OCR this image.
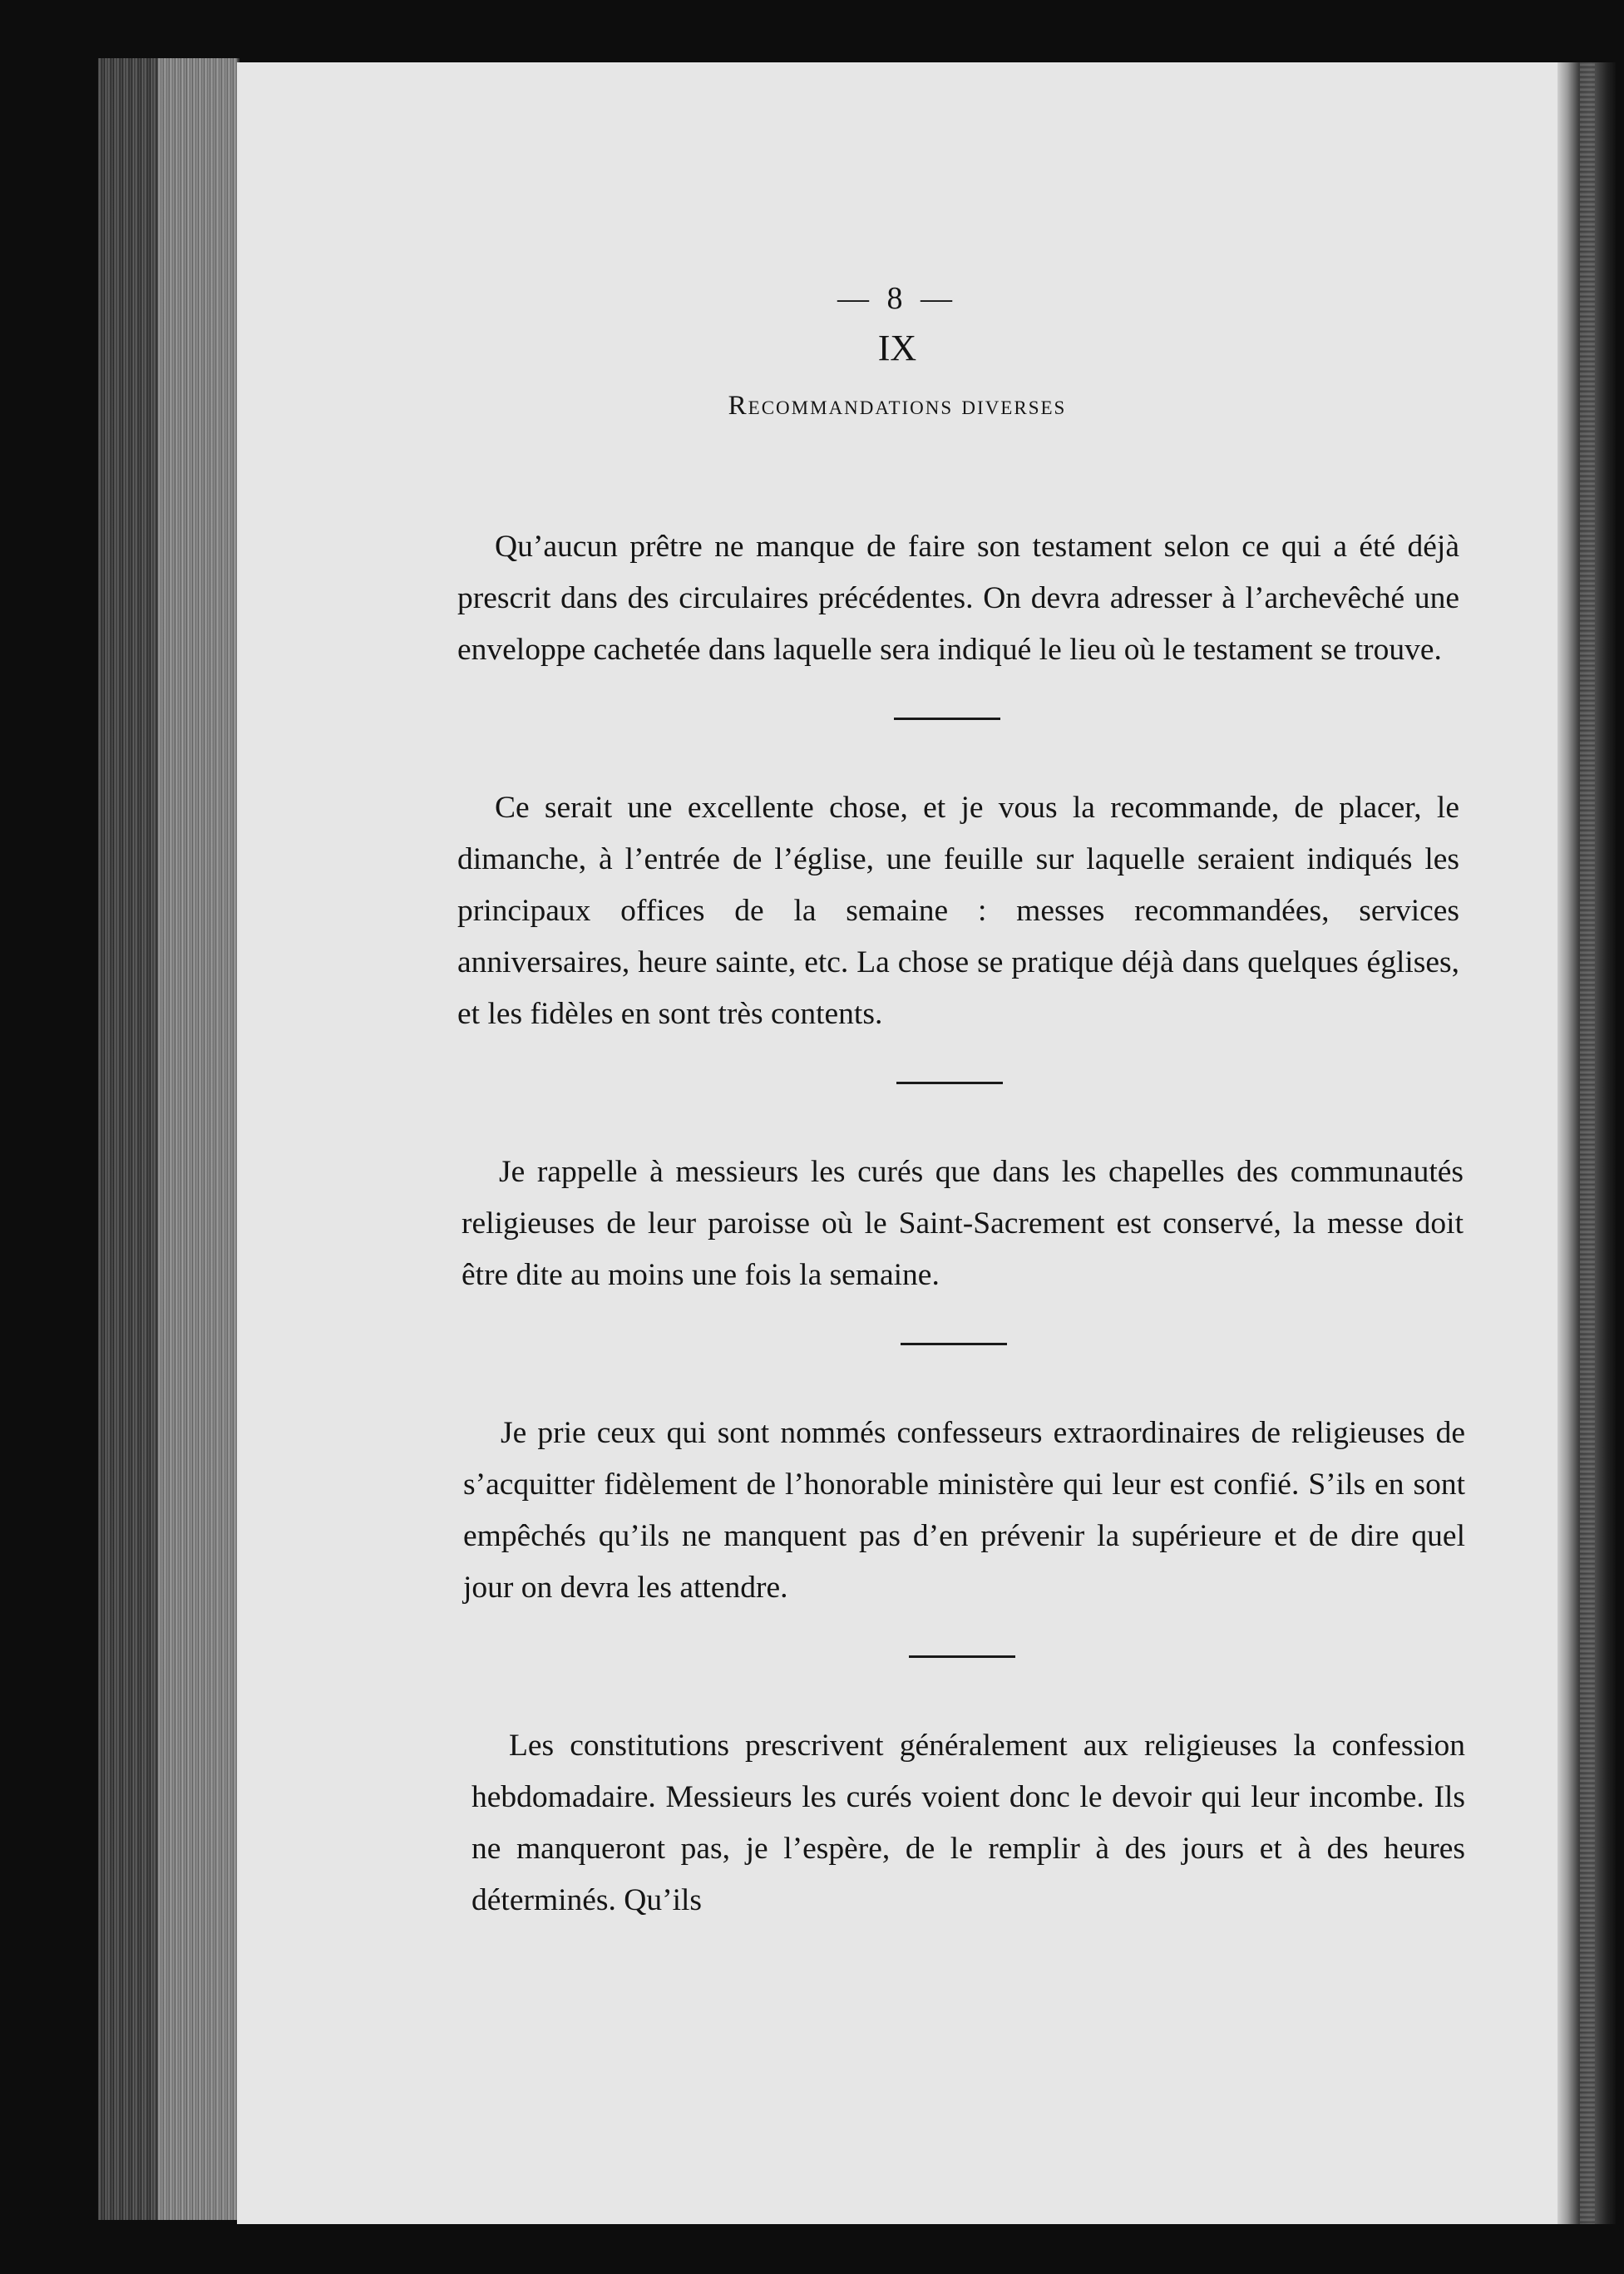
— 8 —
IX
Recommandations diverses

Qu’aucun prêtre ne manque de faire son testament selon ce qui a été déjà prescrit dans des circulaires précédentes. On devra adresser à l’archevêché une enveloppe cachetée dans laquelle sera indiqué le lieu où le testament se trouve.

Ce serait une excellente chose, et je vous la recommande, de placer, le dimanche, à l’entrée de l’église, une feuille sur laquelle seraient indiqués les principaux offices de la semaine : messes recommandées, services anniversaires, heure sainte, etc. La chose se pratique déjà dans quelques églises, et les fidèles en sont très contents.

Je rappelle à messieurs les curés que dans les chapelles des communautés religieuses de leur paroisse où le Saint-Sacrement est conservé, la messe doit être dite au moins une fois la semaine.

Je prie ceux qui sont nommés confesseurs extraordinaires de religieuses de s’acquitter fidèlement de l’honorable ministère qui leur est confié. S’ils en sont empêchés qu’ils ne manquent pas d’en prévenir la supérieure et de dire quel jour on devra les attendre.

Les constitutions prescrivent généralement aux religieuses la confession hebdomadaire. Messieurs les curés voient donc le devoir qui leur incombe. Ils ne manqueront pas, je l’espère, de le remplir à des jours et à des heures déterminés. Qu’ils
